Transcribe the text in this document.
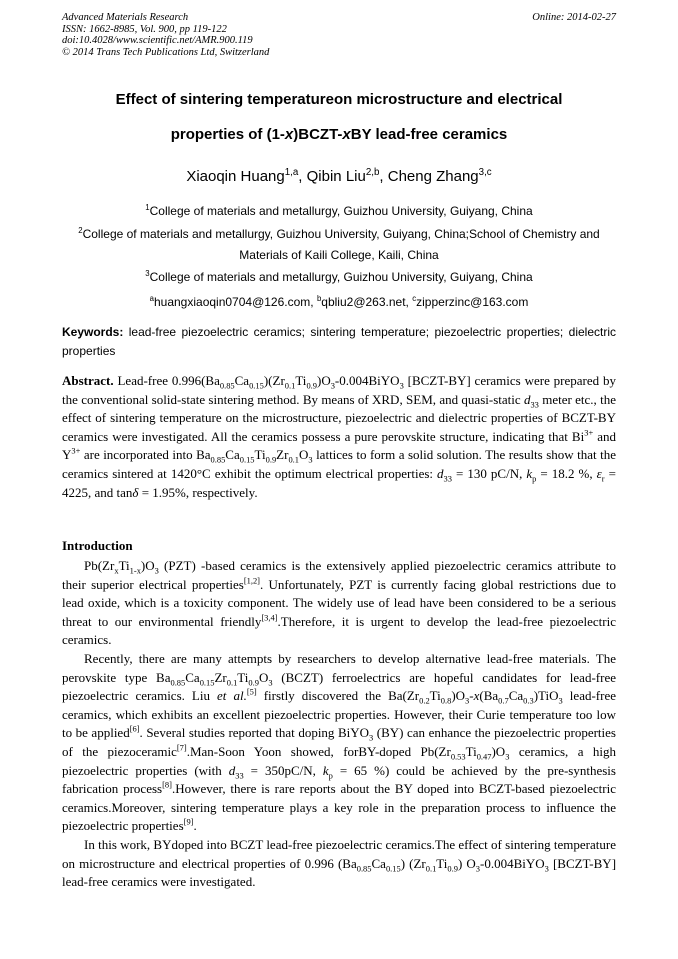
Advanced Materials Research
ISSN: 1662-8985, Vol. 900, pp 119-122
doi:10.4028/www.scientific.net/AMR.900.119
© 2014 Trans Tech Publications Ltd, Switzerland
Online: 2014-02-27
Effect of sintering temperatureon microstructure and electrical
properties of (1-x)BCZT-xBY lead-free ceramics
Xiaoqin Huang$^{1,a}$, Qibin Liu$^{2,b}$, Cheng Zhang$^{3,c}$
$^1$College of materials and metallurgy, Guizhou University, Guiyang, China
$^2$College of materials and metallurgy, Guizhou University, Guiyang, China;School of Chemistry and
Materials of Kaili College, Kaili, China
$^3$College of materials and metallurgy, Guizhou University, Guiyang, China
$^a$huangxiaoqin0704@126.com, $^b$qbliu2@263.net, $^c$zipperzinc@163.com
Keywords: lead-free piezoelectric ceramics; sintering temperature; piezoelectric properties; dielectric properties
Abstract. Lead-free $0.996(Ba_{0.85}Ca_{0.15})(Zr_{0.1}Ti_{0.9})O_3-0.004BiYO_3$ [BCZT-BY] ceramics were prepared by the conventional solid-state sintering method. By means of XRD, SEM, and quasi-static $d_{33}$ meter etc., the effect of sintering temperature on the microstructure, piezoelectric and dielectric properties of BCZT-BY ceramics were investigated. All the ceramics possess a pure perovskite structure, indicating that $Bi^{3+}$ and $Y^{3+}$ are incorporated into $Ba_{0.85}Ca_{0.15}Ti_{0.9}Zr_{0.1}O_3$ lattices to form a solid solution. The results show that the ceramics sintered at 1420°C exhibit the optimum electrical properties: $d_{33} = 130$ pC/N, $k_p = 18.2$ %, $\varepsilon_r = 4225$, and tanδ = 1.95%, respectively.
Introduction

$Pb(Zr_xTi_{1-x})O_3$ (PZT) -based ceramics is the extensively applied piezoelectric ceramics attribute to their superior electrical properties[1,2]. Unfortunately, PZT is currently facing global restrictions due to lead oxide, which is a toxicity component. The widely use of lead have been considered to be a serious threat to our environmental friendly[3,4].Therefore, it is urgent to develop the lead-free piezoelectric ceramics.

Recently, there are many attempts by researchers to develop alternative lead-free materials. The perovskite type $Ba_{0.85}Ca_{0.15}Zr_{0.1}Ti_{0.9}O_3$ (BCZT) ferroelectrics are hopeful candidates for lead-free piezoelectric ceramics. Liu et al.[5] firstly discovered the $Ba(Zr_{0.2}Ti_{0.8})O_3-x(Ba_{0.7}Ca_{0.3})TiO_3$ lead-free ceramics, which exhibits an excellent piezoelectric properties. However, their Curie temperature too low to be applied[6]. Several studies reported that doping BiYO$_3$ (BY) can enhance the piezoelectric properties of the piezoceramic[7].Man-Soon Yoon showed, forBY-doped $Pb(Zr_{0.53}Ti_{0.47})O_3$ ceramics, a high piezoelectric properties (with $d_{33} = 350pC/N$, $k_p = 65$ %) could be achieved by the pre-synthesis fabrication process[8].However, there is rare reports about the BY doped into BCZT-based piezoelectric ceramics.Moreover, sintering temperature plays a key role in the preparation process to influence the piezoelectric properties[9].

In this work, BYdoped into BCZT lead-free piezoelectric ceramics.The effect of sintering temperature on microstructure and electrical properties of 0.996 $(Ba_{0.85}Ca_{0.15})$ $(Zr_{0.1}Ti_{0.9})$ $O_3-0.004BiYO_3$ [BCZT-BY] lead-free ceramics were investigated.
